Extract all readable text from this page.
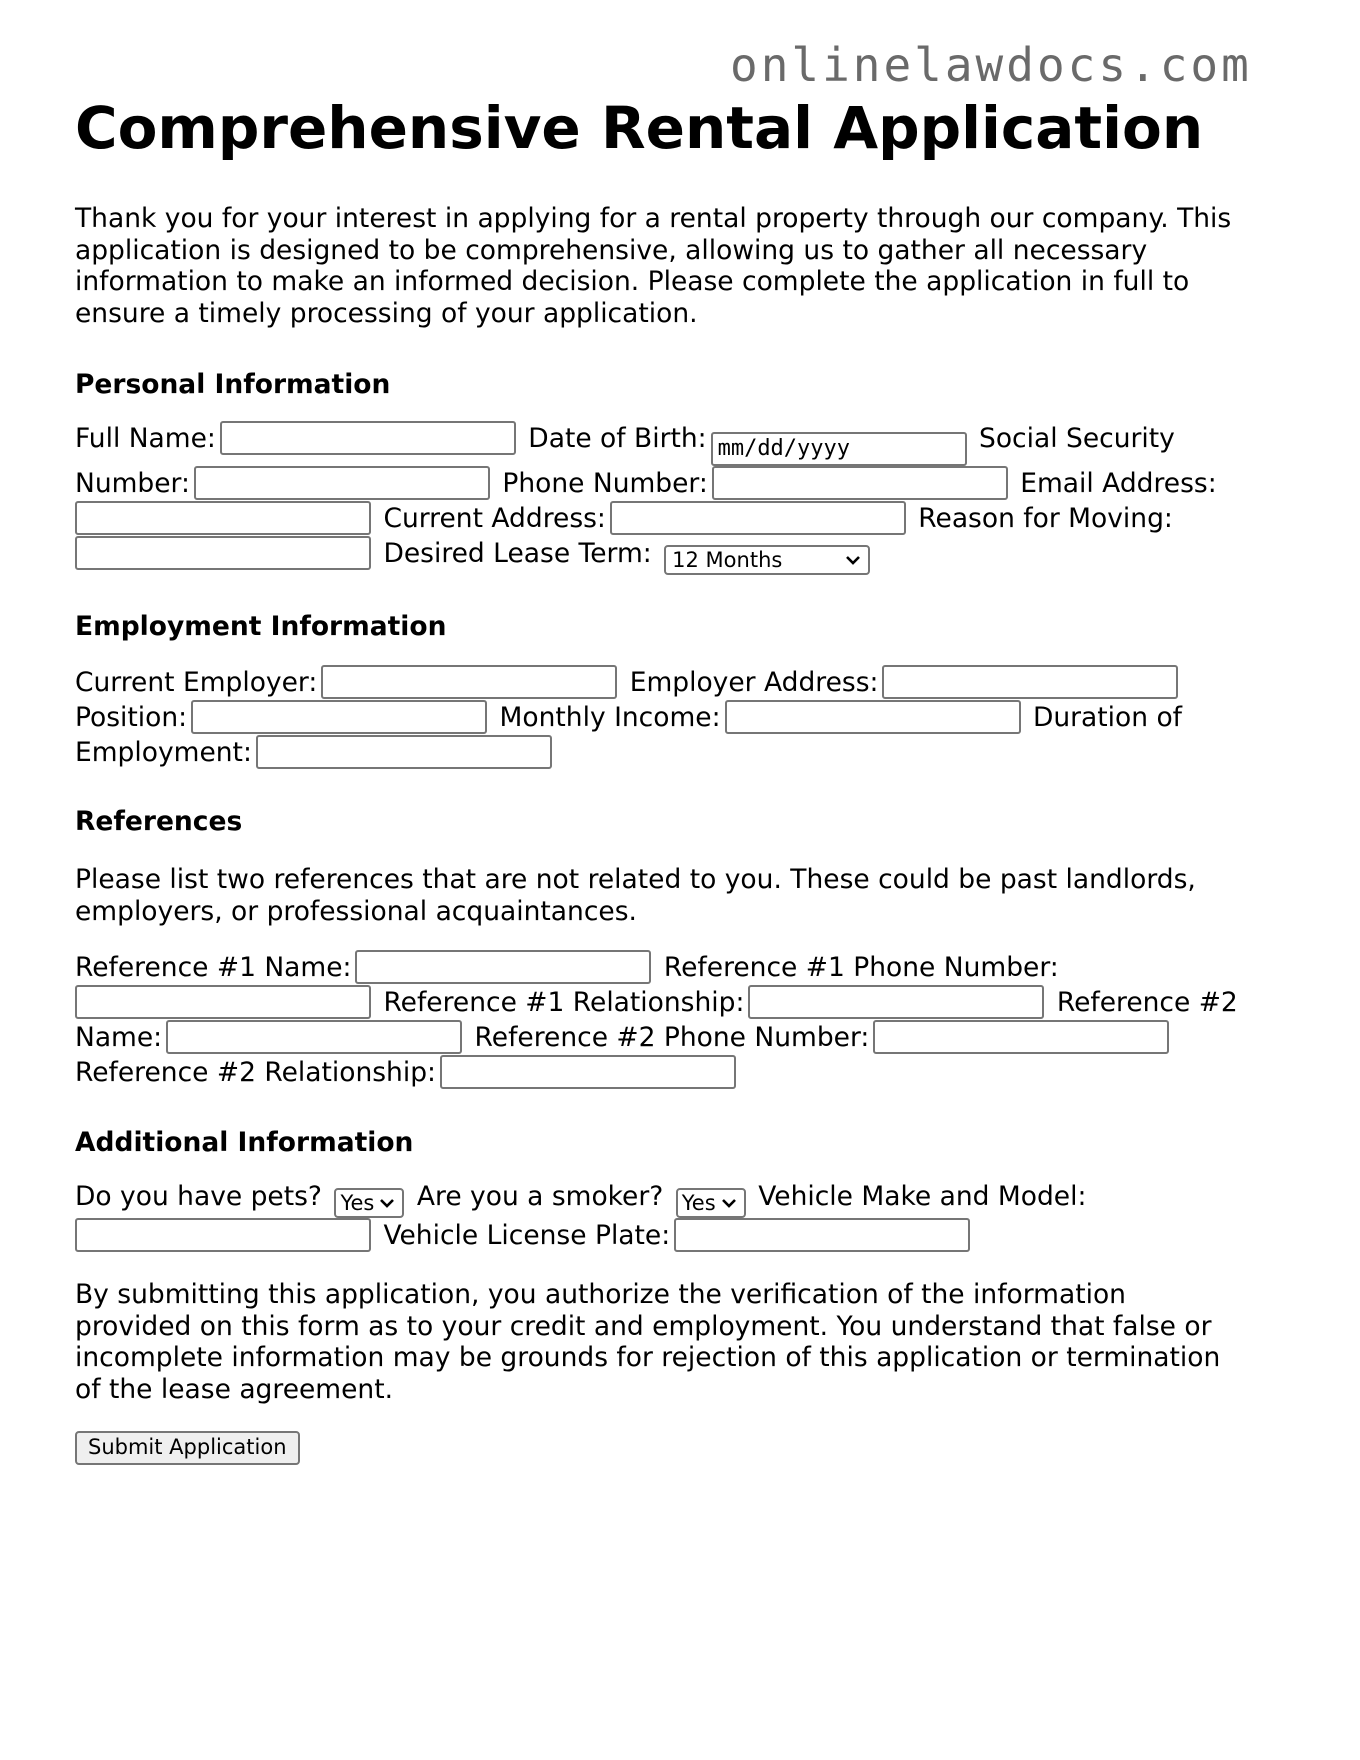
onlinelawdocs.com
Comprehensive Rental Application

Thank you for your interest in applying for a rental property through our company. This application is designed to be comprehensive, allowing us to gather all necessary information to make an informed decision. Please complete the application in full to ensure a timely processing of your application.

Personal Information

Full Name:	Date of Birth: mm/dd/yyyy	Social Security Number:	Phone Number:	Email Address:  Current Address:	Reason for Moving:  Desired Lease Term: 12 Months

Employment Information

Current Employer:	Employer Address: Position:	Monthly Income:	Duration of Employment:

References

Please list two references that are not related to you. These could be past landlords, employers, or professional acquaintances.

Reference #1 Name:	Reference #1 Phone Number:  Reference #1 Relationship:	Reference #2 Name:	Reference #2 Phone Number: Reference #2 Relationship:

Additional Information

Do you have pets? Yes Are you a smoker? Yes Vehicle Make and Model:  Vehicle License Plate:

By submitting this application, you authorize the verification of the information provided on this form as to your credit and employment. You understand that false or incomplete information may be grounds for rejection of this application or termination of the lease agreement.

Submit Application
